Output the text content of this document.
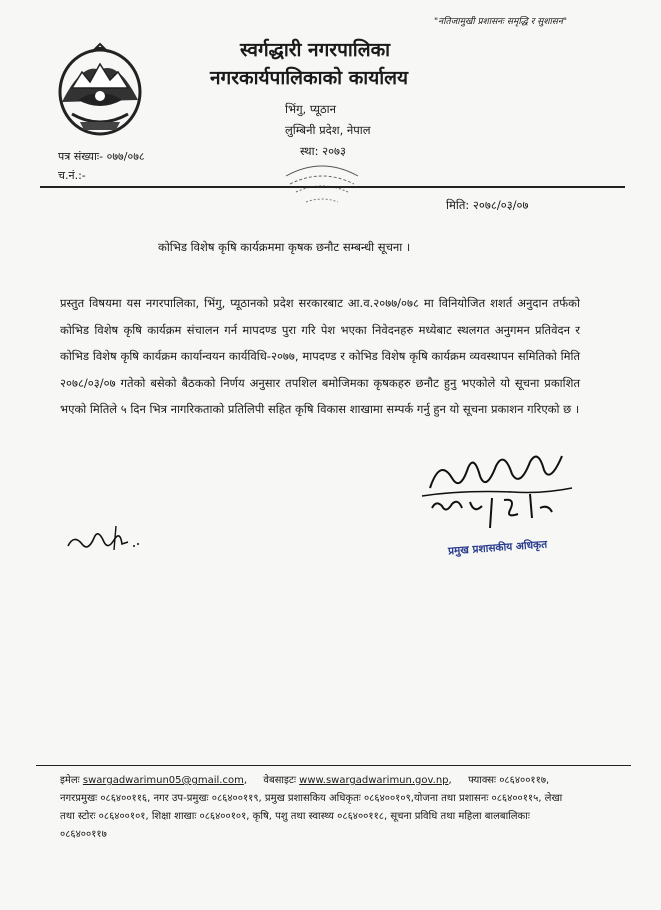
"नतिजामुखी प्रशासनः समृद्धि र सुशासन"
स्वर्गद्धारी नगरपालिका
नगरकार्यपालिकाको कार्यालय
भिंगु, प्यूठान
लुम्बिनी प्रदेश, नेपाल
स्था: २०७३
पत्र संख्याः- ०७७/०७८
च.नं.:-
मिति: २०७८/०३/०७
कोभिड विशेष कृषि कार्यक्रममा कृषक छनौट सम्बन्धी सूचना ।
प्रस्तुत विषयमा यस नगरपालिका, भिंगु, प्यूठानको प्रदेश सरकारबाट आ.व.२०७७/०७८ मा विनियोजित शशर्त अनुदान तर्फको कोभिड विशेष कृषि कार्यक्रम संचालन गर्न मापदण्ड पुरा गरि पेश भएका निवेदनहरु मध्येबाट स्थलगत अनुगमन प्रतिवेदन र कोभिड विशेष कृषि कार्यक्रम कार्यान्वयन कार्यविधि-२०७७, मापदण्ड र कोभिड विशेष कृषि कार्यक्रम व्यवस्थापन समितिको मिति २०७८/०३/०७ गतेको बसेको बैठकको निर्णय अनुसार तपशिल बमोजिमका कृषकहरु छनौट हुनु भएकोले यो सूचना प्रकाशित भएको मितिले ५ दिन भित्र नागरिकताको प्रतिलिपी सहित कृषि विकास शाखामा सम्पर्क गर्नु हुन यो सूचना प्रकाशन गरिएको छ ।
प्रमुख प्रशासकीय अधिकृत
इमेलः swargadwarimun05@gmail.com, वेबसाइटः www.swargadwarimun.gov.np, फ्याक्सः ०८६४००११७, नगरप्रमुखः ०८६४००११६, नगर उप-प्रमुखः ०८६४००११९, प्रमुख प्रशासकिय अधिकृतः ०८६४००१०९,योजना तथा प्रशासनः ०८६४००११५, लेखा तथा स्टोरः ०८६४००१०१, शिक्षा शाखाः ०८६४००१०१, कृषि, पशु तथा स्वास्थ्य ०८६४००११८, सूचना प्रविधि तथा महिला बालबालिकाः ०८६४००११७
